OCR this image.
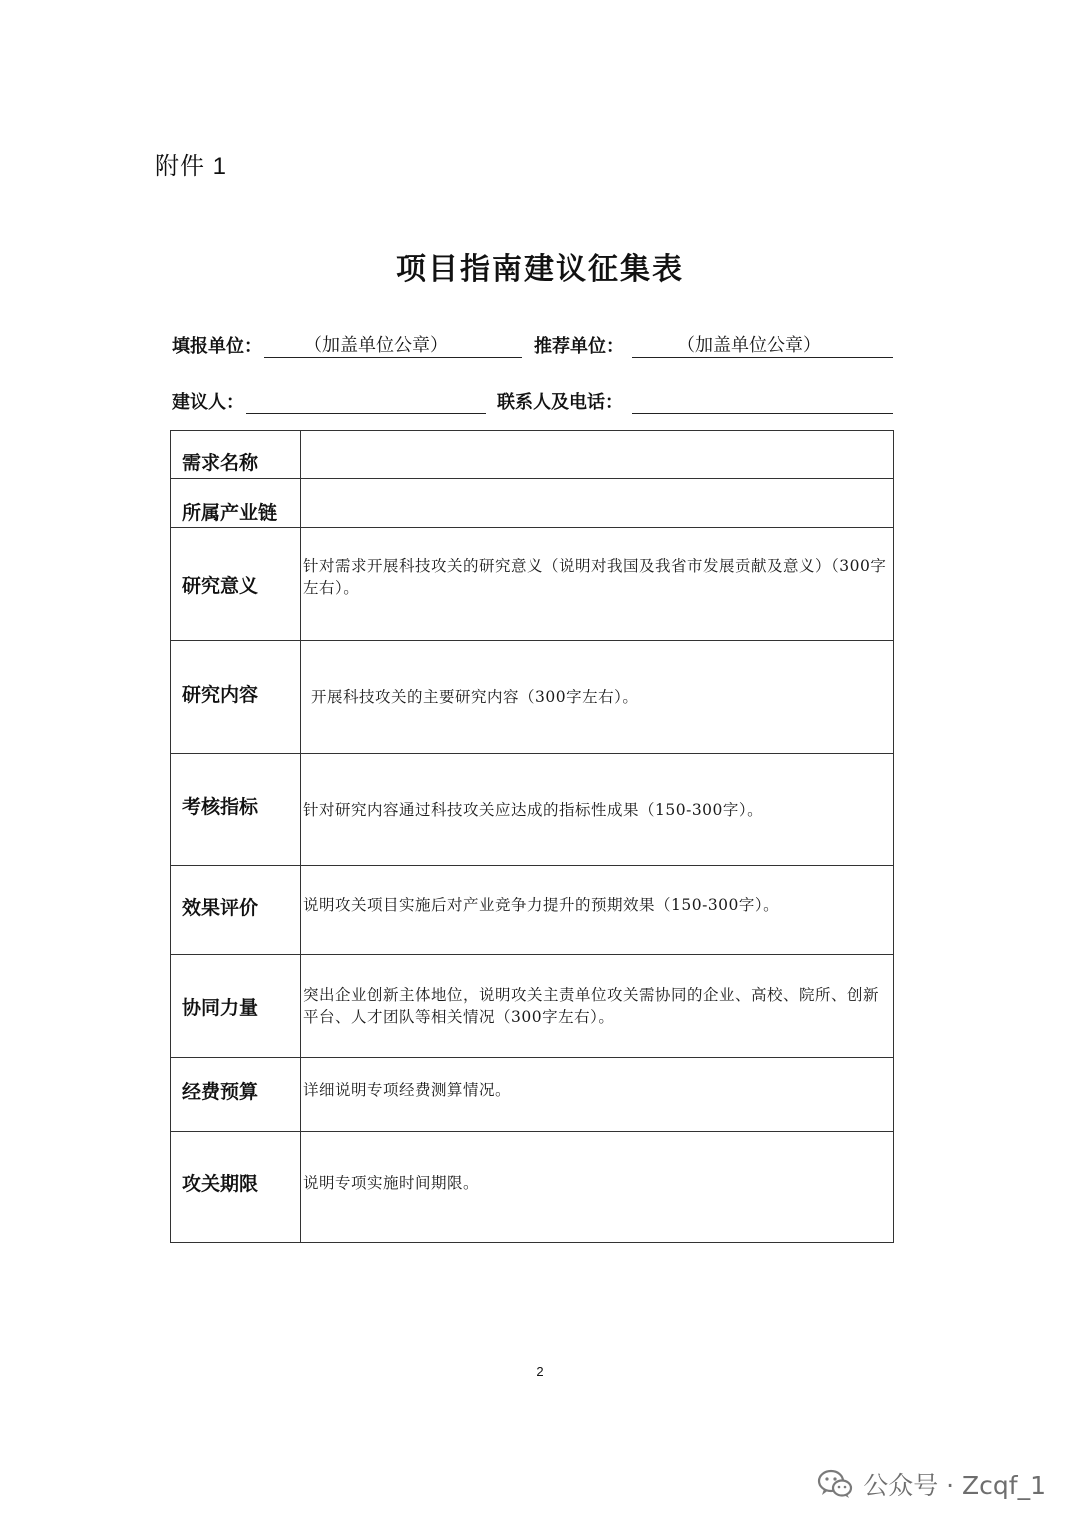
附件 1
项目指南建议征集表
填报单位： （加盖单位公章）	推荐单位：	（加盖单位公章）
建议人：	联系人及电话：
需求名称	
所属产业链	
研究意义	针对需求开展科技攻关的研究意义（说明对我国及我省市发展贡献及意义）（300字左右）。
研究内容	开展科技攻关的主要研究内容（300字左右）。
考核指标	针对研究内容通过科技攻关应达成的指标性成果（150-300字）。
效果评价	说明攻关项目实施后对产业竞争力提升的预期效果（150-300字）。
协同力量	突出企业创新主体地位，说明攻关主责单位攻关需协同的企业、高校、院所、创新平台、人才团队等相关情况（300字左右）。
经费预算	详细说明专项经费测算情况。
攻关期限	说明专项实施时间期限。
2
公众号 · Zcqf_1
